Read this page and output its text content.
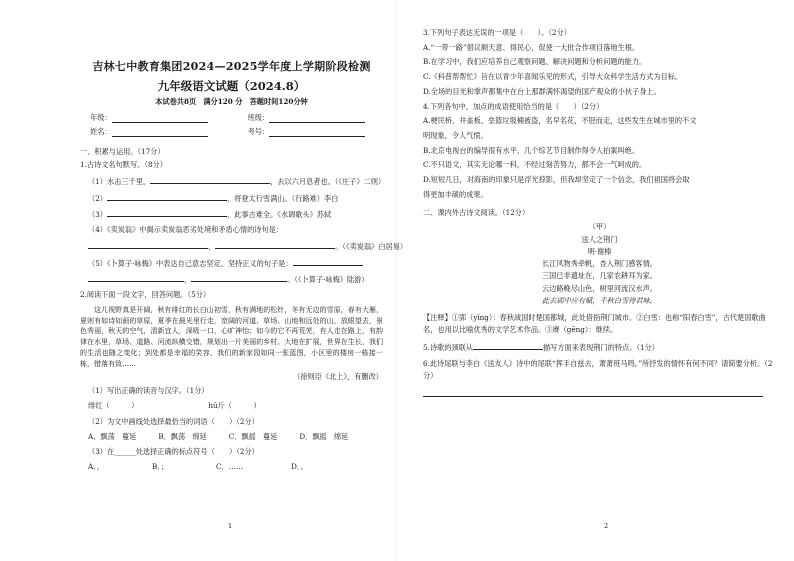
吉林七中教育集团2024—2025学年度上学期阶段检测
九年级语文试题（2024.8）
本试卷共8页　满分120 分　答题时间120分钟
年级：	班级：
姓名：	考号：
一、积累与运用。（17分）
1.古诗文名句默写。（8分）
（1）水击三千里，	，去以六月息者也。（《庄子》二则）
（2）	，将登太行雪满山。（行路难）李白
（3）	，此事古难全。《水调歌头》苏轼
（4）《卖炭翁》中揭示卖炭翁恶劣处境和矛盾心情的诗句是：
，	。（《卖炭翁》白居易）
（5）《卜算子·咏梅》中表达自己意志坚定、坚持正义的句子是：
，	。（《卜算子·咏梅》陆游）
2.阅读下面一段文字，回答问题。（5分）
这儿视野真是开阔，秋有绯红的长白山初雪，秋有满地的松针，冬有无边的雪原，春有大雁，夏则有如诗如画的草原，夏季在晨光里行走，宽阔的河道、草场、山地和远处的山，放眼望去，景色秀丽，秋天的空气，清新宜人，深吸一口，心旷神怡；如今的它不再荒芜，有人走在路上，有韵律在水里，草场、道路、河流纵横交错，规划出一片美丽的乡村。大地在扩展，世界在生长，我们的生活也随之变化；到处都是幸福的笑容，我们的新家园如同一张蓝图，小区里的楼房一栋接一栋，错落有致……
（徐则臣《北上》，有删改）
（1）写出正确的读音与汉字。（1分）
绯红（　　　）	hū斤（　　　）
（2）为文中画线处选择最恰当的词语（　　）（2分）
A．飘荡　蔓延	B．飘荡　绵延	C．飘摇　蔓延	D．飘摇　绵延
（3）在______处选择正确的标点符号（　　）（2分）
A．，	B．；	C．……	D．。
1
3.下列句子表达无误的一项是（　　）。（2分）
A.“一带一路”倡议顺天意、得民心，促使一大批合作项目落地生根。
B.在学习中，我们应培养自己观察问题、解决问题和分析问题的能力。
C.《科普帮帮忙》旨在以青少年喜闻乐见的形式，引导大众科学生活方式为目标。
D.全场的目光和掌声都集中在台上那群满怀渴望的国产观众的小伙子身上。
4.下列各句中，加点的成语使用恰当的是（　　）（2分）
A.梗民桥、井盖板、垒篮垃圾桶被盗，名早名花，不胫而走，这些发生在城市里的不文
明现象，令人气愤。
B.北京电视台的编导很有水平，几个综艺节目制作得令人拍案叫绝。
C.不只语文，其实无论哪一科，不经过刻苦努力，都不会一气呵成的。
D.短短几日，对海南的印象只是浮光掠影，但我却坚定了一个信念，我们祖国将会取
得更加丰硕的成果。
二、课内外古诗文阅读。（12分）
（甲）
送人之荆门
明·谢榛
长江风物秀牵帆，杏入荆门感客情。
三国已非遗址在，几家农耕耳为家。
云边路晚尽山色，树里河流汉水声。
此去郢中应有赋，千秋白雪待君咏。
【注释】①郢（yǐng）：春秋战国时楚国都城，此处借指荆门城市。②白雪：也称“阳春白雪”，古代楚国歌曲名，也用以比喻优秀的文学艺术作品。③赓（gēng）：继续。
5.诗歌的颈联从	描写方面来表现荆门的特点。（1分）
6.此诗尾联与李白《送友人》诗中的尾联“挥手自兹去，萧萧班马鸣。”所抒发的情怀有何不同？请简要分析。（2分）
2
